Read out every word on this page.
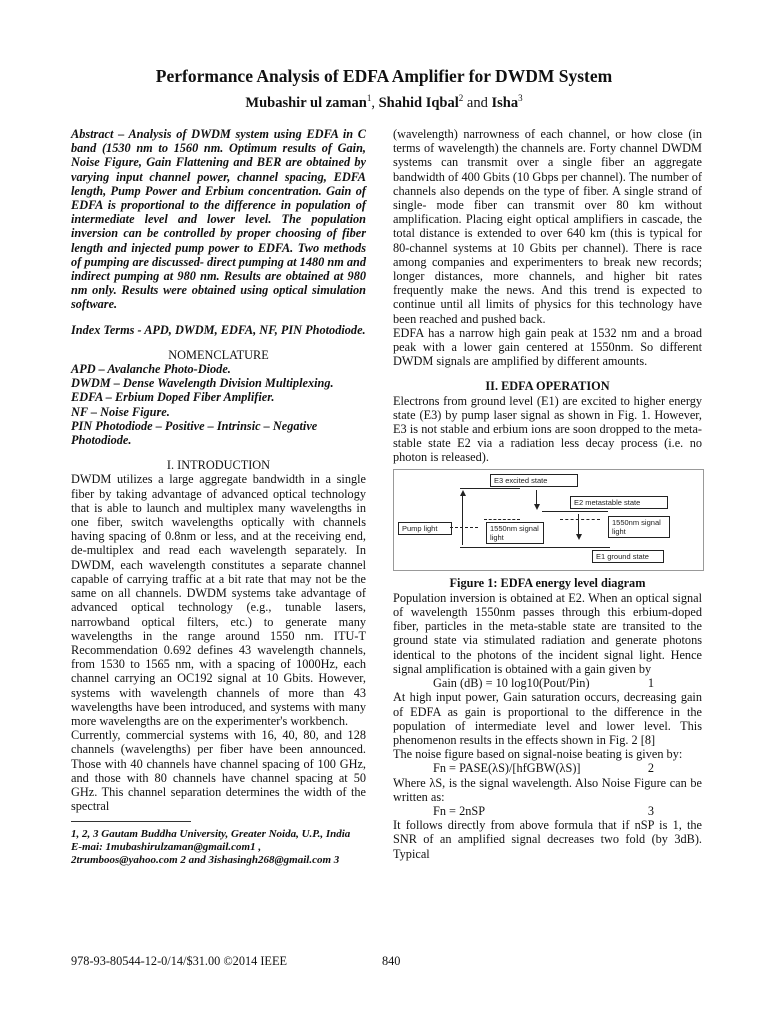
Performance Analysis of EDFA Amplifier for DWDM System
Mubashir ul zaman$^1$, Shahid Iqbal$^2$ and Isha$^3$

Abstract – Analysis of DWDM system using EDFA in C band (1530 nm to 1560 nm. Optimum results of Gain, Noise Figure, Gain Flattening and BER are obtained by varying input channel power, channel spacing, EDFA length, Pump Power and Erbium concentration. Gain of EDFA is proportional to the difference in population of intermediate level and lower level. The population inversion can be controlled by proper choosing of fiber length and injected pump power to EDFA. Two methods of pumping are discussed- direct pumping at 1480 nm and indirect pumping at 980 nm. Results are obtained at 980 nm only. Results were obtained using optical simulation software.

Index Terms - APD, DWDM, EDFA, NF, PIN Photodiode.

NOMENCLATURE

APD – Avalanche Photo-Diode.

DWDM – Dense Wavelength Division Multiplexing.

EDFA – Erbium Doped Fiber Amplifier.

NF – Noise Figure.

PIN Photodiode – Positive – Intrinsic – Negative Photodiode.

I. INTRODUCTION

DWDM utilizes a large aggregate bandwidth in a single fiber by taking advantage of advanced optical technology that is able to launch and multiplex many wavelengths in one fiber, switch wavelengths optically with channels having spacing of 0.8nm or less, and at the receiving end, de-multiplex and read each wavelength separately. In DWDM, each wavelength constitutes a separate channel capable of carrying traffic at a bit rate that may not be the same on all channels. DWDM systems take advantage of advanced optical technology (e.g., tunable lasers, narrowband optical filters, etc.) to generate many wavelengths in the range around 1550 nm. ITU-T Recommendation 0.692 defines 43 wavelength channels, from 1530 to 1565 nm, with a spacing of 1000Hz, each channel carrying an OC192 signal at 10 Gbits. However, systems with wavelength channels of more than 43 wavelengths have been introduced, and systems with many more wavelengths are on the experimenter's workbench.

Currently, commercial systems with 16, 40, 80, and 128 channels (wavelengths) per fiber have been announced. Those with 40 channels have channel spacing of 100 GHz, and those with 80 channels have channel spacing at 50 GHz. This channel separation determines the width of the spectral

1, 2, 3 Gautam Buddha University, Greater Noida, U.P., India

E-mai: 1mubashirulzaman@gmail.com1 ,

2trumboos@yahoo.com 2 and 3ishasingh268@gmail.com 3

(wavelength) narrowness of each channel, or how close (in terms of wavelength) the channels are. Forty channel DWDM systems can transmit over a single fiber an aggregate bandwidth of 400 Gbits (10 Gbps per channel). The number of channels also depends on the type of fiber. A single strand of single- mode fiber can transmit over 80 km without amplification. Placing eight optical amplifiers in cascade, the total distance is extended to over 640 km (this is typical for 80-channel systems at 10 Gbits per channel). There is race among companies and experimenters to break new records; longer distances, more channels, and higher bit rates frequently make the news. And this trend is expected to continue until all limits of physics for this technology have been reached and pushed back.

EDFA has a narrow high gain peak at 1532 nm and a broad peak with a lower gain centered at 1550nm. So different DWDM signals are amplified by different amounts.

II. EDFA OPERATION

Electrons from ground level (E1) are excited to higher energy state (E3) by pump laser signal as shown in Fig. 1. However, E3 is not stable and erbium ions are soon dropped to the meta-stable state E2 via a radiation less decay process (i.e. no photon is released).

E3 excited state
E2 metastable state
Pump light	1550nm signal light
1550nm signal light
E1 ground state

Figure 1: EDFA energy level diagram

Population inversion is obtained at E2. When an optical signal of wavelength 1550nm passes through this erbium-doped fiber, particles in the meta-stable state are transited to the ground state via stimulated radiation and generate photons identical to the photons of the incident signal light. Hence signal amplification is obtained with a gain given by

Gain (dB) = 10 log10(Pout/Pin)	1

At high input power, Gain saturation occurs, decreasing gain of EDFA as gain is proportional to the difference in the population of intermediate level and lower level. This phenomenon results in the effects shown in Fig. 2 [8]

The noise figure based on signal-noise beating is given by:

Fn = PASE(λS)/[hfGBW(λS)]	2

Where λS, is the signal wavelength. Also Noise Figure can be written as:

Fn = 2nSP	3

It follows directly from above formula that if nSP is 1, the SNR of an amplified signal decreases two fold (by 3dB). Typical

978-93-80544-12-0/14/$31.00 ©2014 IEEE	840
